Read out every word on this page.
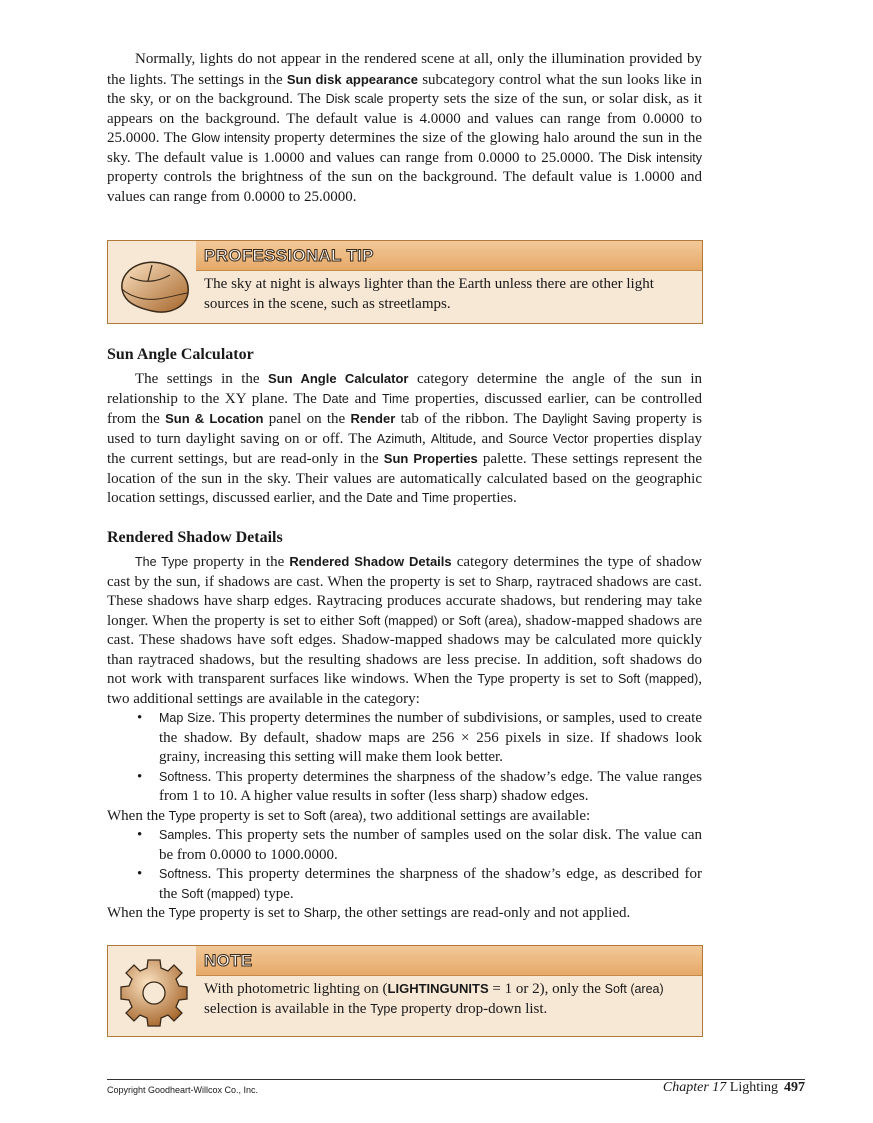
Normally, lights do not appear in the rendered scene at all, only the illumination provided by the lights. The settings in the Sun disk appearance subcategory control what the sun looks like in the sky, or on the background. The Disk scale property sets the size of the sun, or solar disk, as it appears on the background. The default value is 4.0000 and values can range from 0.0000 to 25.0000. The Glow intensity property determines the size of the glowing halo around the sun in the sky. The default value is 1.0000 and values can range from 0.0000 to 25.0000. The Disk intensity property controls the brightness of the sun on the background. The default value is 1.0000 and values can range from 0.0000 to 25.0000.

PROFESSIONAL TIP
The sky at night is always lighter than the Earth unless there are other light sources in the scene, such as streetlamps.
Sun Angle Calculator

The settings in the Sun Angle Calculator category determine the angle of the sun in relationship to the XY plane. The Date and Time properties, discussed earlier, can be controlled from the Sun & Location panel on the Render tab of the ribbon. The Daylight Saving property is used to turn daylight saving on or off. The Azimuth, Altitude, and Source Vector properties display the current settings, but are read-only in the Sun Properties palette. These settings represent the location of the sun in the sky. Their values are automatically calculated based on the geographic location settings, discussed earlier, and the Date and Time properties.

Rendered Shadow Details

The Type property in the Rendered Shadow Details category determines the type of shadow cast by the sun, if shadows are cast. When the property is set to Sharp, raytraced shadows are cast. These shadows have sharp edges. Raytracing produces accurate shadows, but rendering may take longer. When the property is set to either Soft (mapped) or Soft (area), shadow-mapped shadows are cast. These shadows have soft edges. Shadow-mapped shadows may be calculated more quickly than raytraced shadows, but the resulting shadows are less precise. In addition, soft shadows do not work with transparent surfaces like windows. When the Type property is set to Soft (mapped), two additional settings are available in the category:

• Map Size. This property determines the number of subdivisions, or samples, used to create the shadow. By default, shadow maps are 256 × 256 pixels in size. If shadows look grainy, increasing this setting will make them look better.
• Softness. This property determines the sharpness of the shadow’s edge. The value ranges from 1 to 10. A higher value results in softer (less sharp) shadow edges.

When the Type property is set to Soft (area), two additional settings are available:

• Samples. This property sets the number of samples used on the solar disk. The value can be from 0.0000 to 1000.0000.
• Softness. This property determines the sharpness of the shadow’s edge, as described for the Soft (mapped) type.

When the Type property is set to Sharp, the other settings are read-only and not applied.

NOTE
With photometric lighting on (LIGHTINGUNITS = 1 or 2), only the Soft (area) selection is available in the Type property drop-down list.
Copyright Goodheart-Willcox Co., Inc.	Chapter 17 Lighting 497
